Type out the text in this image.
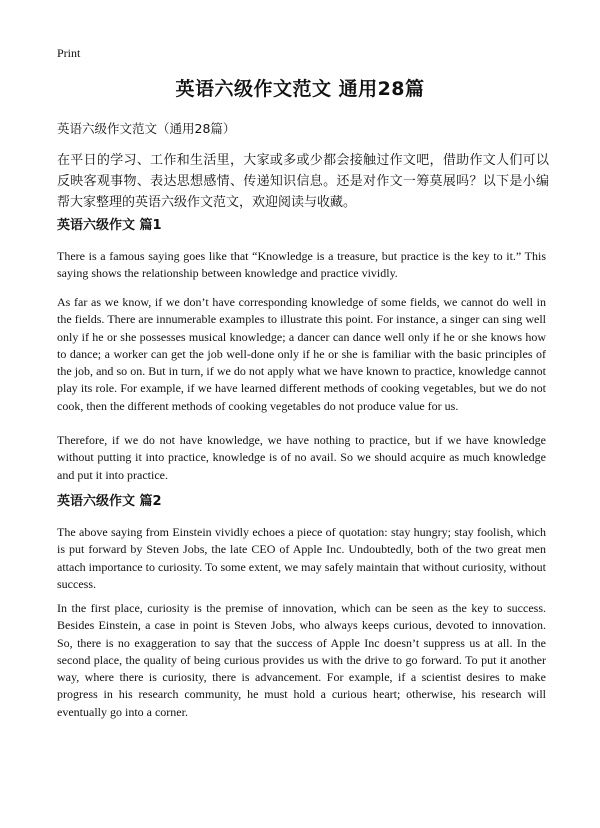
Print
英语六级作文范文 通用28篇
英语六级作文范文（通用28篇）

在平日的学习、工作和生活里，大家或多或少都会接触过作文吧，借助作文人们可以反映客观事物、表达思想感情、传递知识信息。还是对作文一筹莫展吗？以下是小编帮大家整理的英语六级作文范文，欢迎阅读与收藏。

英语六级作文 篇1

There is a famous saying goes like that “Knowledge is a treasure, but practice is the key to it.” This saying shows the relationship between knowledge and practice vividly.

As far as we know, if we don’t have corresponding knowledge of some fields, we cannot do well in the fields. There are innumerable examples to illustrate this point. For instance, a singer can sing well only if he or she possesses musical knowledge; a dancer can dance well only if he or she knows how to dance; a worker can get the job well-done only if he or she is familiar with the basic principles of the job, and so on. But in turn, if we do not apply what we have known to practice, knowledge cannot play its role. For example, if we have learned different methods of cooking vegetables, but we do not cook, then the different methods of cooking vegetables do not produce value for us.

Therefore, if we do not have knowledge, we have nothing to practice, but if we have knowledge without putting it into practice, knowledge is of no avail. So we should acquire as much knowledge and put it into practice.

英语六级作文 篇2

The above saying from Einstein vividly echoes a piece of quotation: stay hungry; stay foolish, which is put forward by Steven Jobs, the late CEO of Apple Inc. Undoubtedly, both of the two great men attach importance to curiosity. To some extent, we may safely maintain that without curiosity, without success.

In the first place, curiosity is the premise of innovation, which can be seen as the key to success. Besides Einstein, a case in point is Steven Jobs, who always keeps curious, devoted to innovation. So, there is no exaggeration to say that the success of Apple Inc doesn’t suppress us at all. In the second place, the quality of being curious provides us with the drive to go forward. To put it another way, where there is curiosity, there is advancement. For example, if a scientist desires to make progress in his research community, he must hold a curious heart; otherwise, his research will eventually go into a corner.
